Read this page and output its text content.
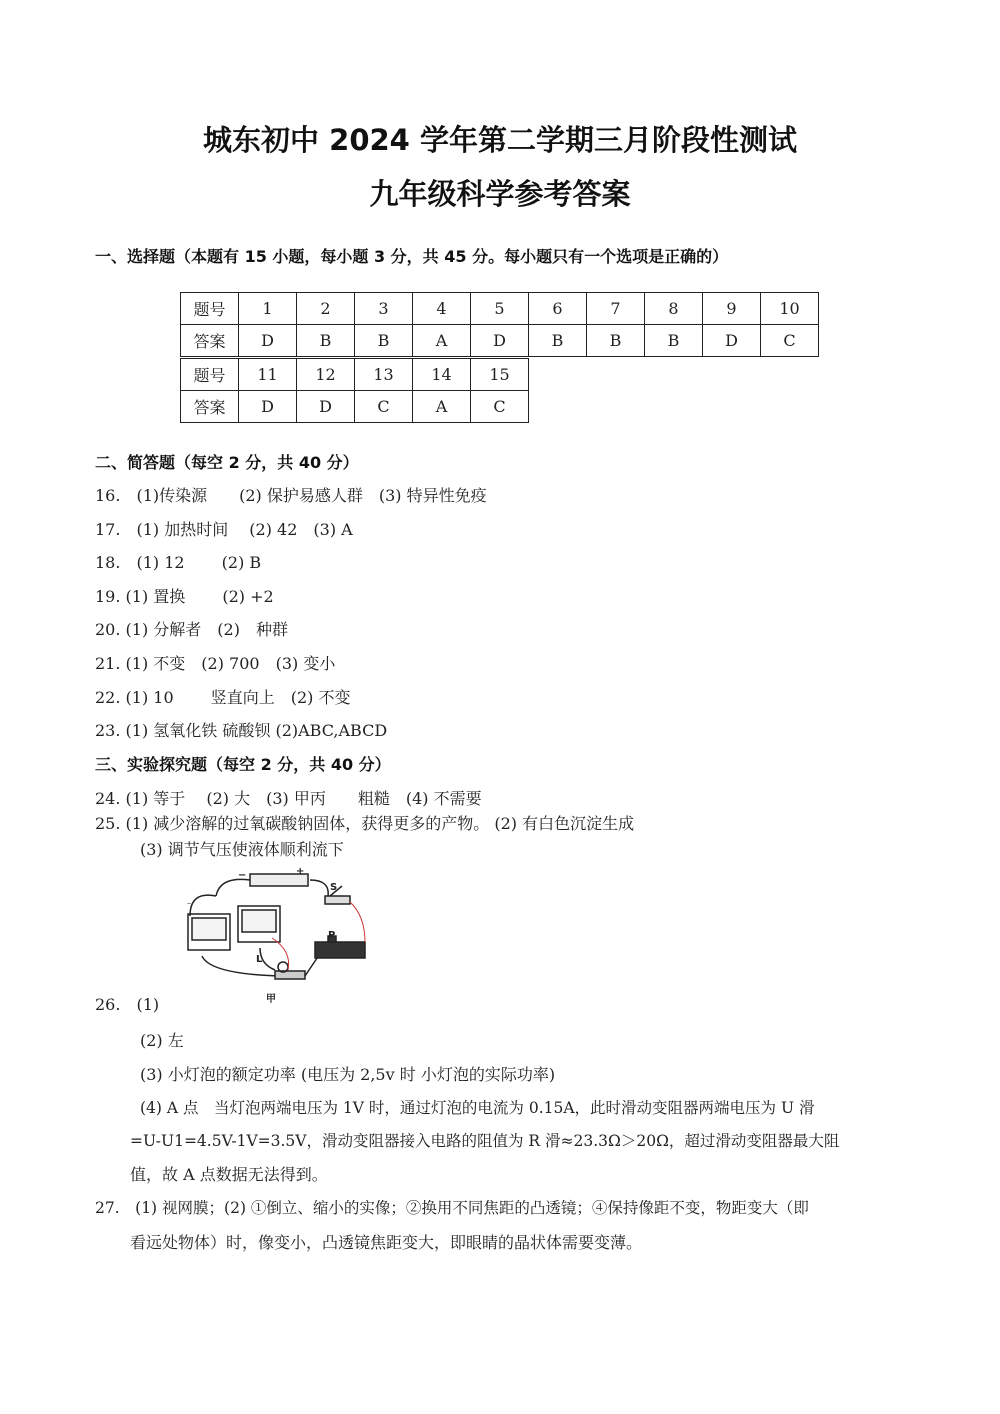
城东初中 2024 学年第二学期三月阶段性测试
九年级科学参考答案
一、选择题（本题有 15 小题，每小题 3 分，共 45 分。每小题只有一个选项是正确的）
题号	1	2	3	4	5	6	7	8	9	10
答案	D	B	B	A	D	B	B	B	D	C
题号	11	12	13	14	15
答案	D	D	C	A	C
二、简答题（每空 2 分，共 40 分）
16.　(1)传染源　　(2) 保护易感人群　(3) 特异性免疫
17.　(1) 加热时间　 (2) 42　(3) A
18.　(1) 12　　 (2) B
19. (1) 置换　　 (2) +2
20. (1) 分解者　(2)　种群
21. (1) 不变　(2) 700　(3) 变小
22. (1) 10　　 竖直向上　(2) 不变
23. (1) 氢氧化铁 硫酸钡 (2)ABC,ABCD
三、实验探究题（每空 2 分，共 40 分）
24. (1) 等于　 (2) 大　(3) 甲丙　　粗糙　(4) 不需要
25. (1) 减少溶解的过氧碳酸钠固体，获得更多的产物。 (2) 有白色沉淀生成
(3) 调节气压使液体顺利流下
S
P
L
−	+
甲
26.　(1)
(2) 左
(3) 小灯泡的额定功率 (电压为 2,5v 时 小灯泡的实际功率)
(4) A 点　当灯泡两端电压为 1V 时，通过灯泡的电流为 0.15A，此时滑动变阻器两端电压为 U 滑
=U-U1=4.5V-1V=3.5V，滑动变阻器接入电路的阻值为 R 滑≈23.3Ω＞20Ω，超过滑动变阻器最大阻
值，故 A 点数据无法得到。
27.　(1) 视网膜；(2) ①倒立、缩小的实像；②换用不同焦距的凸透镜；④保持像距不变，物距变大（即
看远处物体）时，像变小，凸透镜焦距变大，即眼睛的晶状体需要变薄。
